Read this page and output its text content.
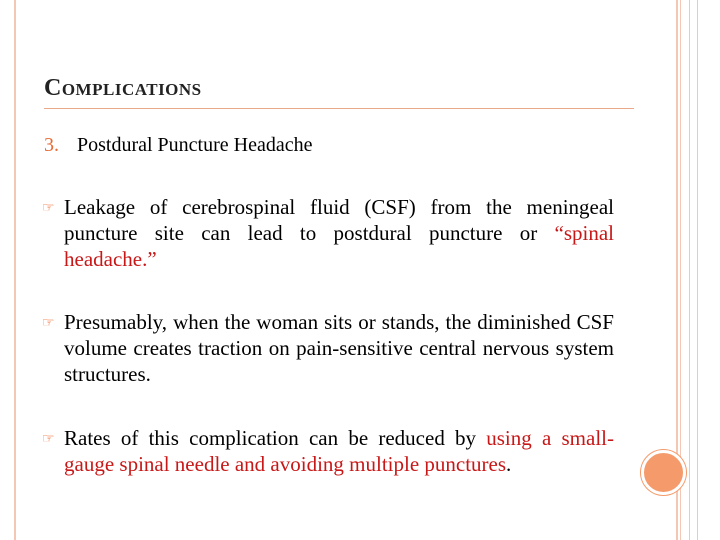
Complications
3. Postdural Puncture Headache
☞ Leakage of cerebrospinal fluid (CSF) from the meningeal puncture site can lead to postdural puncture or “spinal headache.”
☞ Presumably, when the woman sits or stands, the diminished CSF volume creates traction on pain-sensitive central nervous system structures.
☞ Rates of this complication can be reduced by using a small-gauge spinal needle and avoiding multiple punctures.
